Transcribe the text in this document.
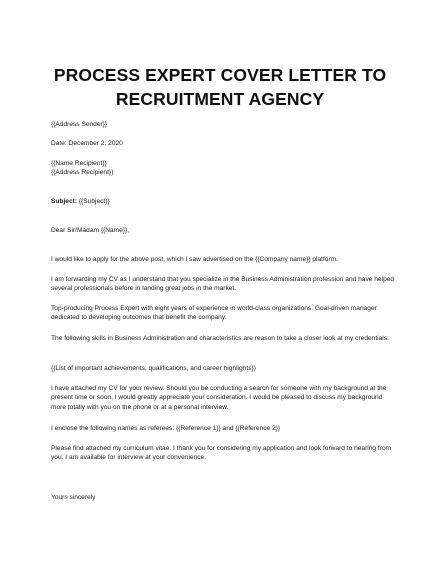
PROCESS EXPERT COVER LETTER TO
RECRUITMENT AGENCY
{{Address Sender}}
Date: December 2, 2020
{{Name Recipient}}
{{Address Recipient}}
Subject: {{Subject}}
Dear Sir/Madam {{Name}},

I would like to apply for the above post, which I saw advertised on the {{Company name}} platform.

I am forwarding my CV as I understand that you specialize in the Business Administration profession and have helped several professionals before in landing great jobs in the market.

Top-producing Process Expert with eight years of experience in world-class organizations. Goal-driven manager dedicated to developing outcomes that benefit the company.

The following skills in Business Administration and characteristics are reason to take a closer look at my credentials:

{{List of important achievements, qualifications, and career highlights}}

I have attached my CV for your review. Should you be conducting a search for someone with my background at the present time or soon, I would greatly appreciate your consideration. I would be pleased to discuss my background more totally with you on the phone or at a personal interview.

I enclose the following names as referees: {{Reference 1}} and {{Reference 2}}

Please find attached my curriculum vitae. I thank you for considering my application and look forward to hearing from you. I am available for interview at your convenience.

Yours sincerely
